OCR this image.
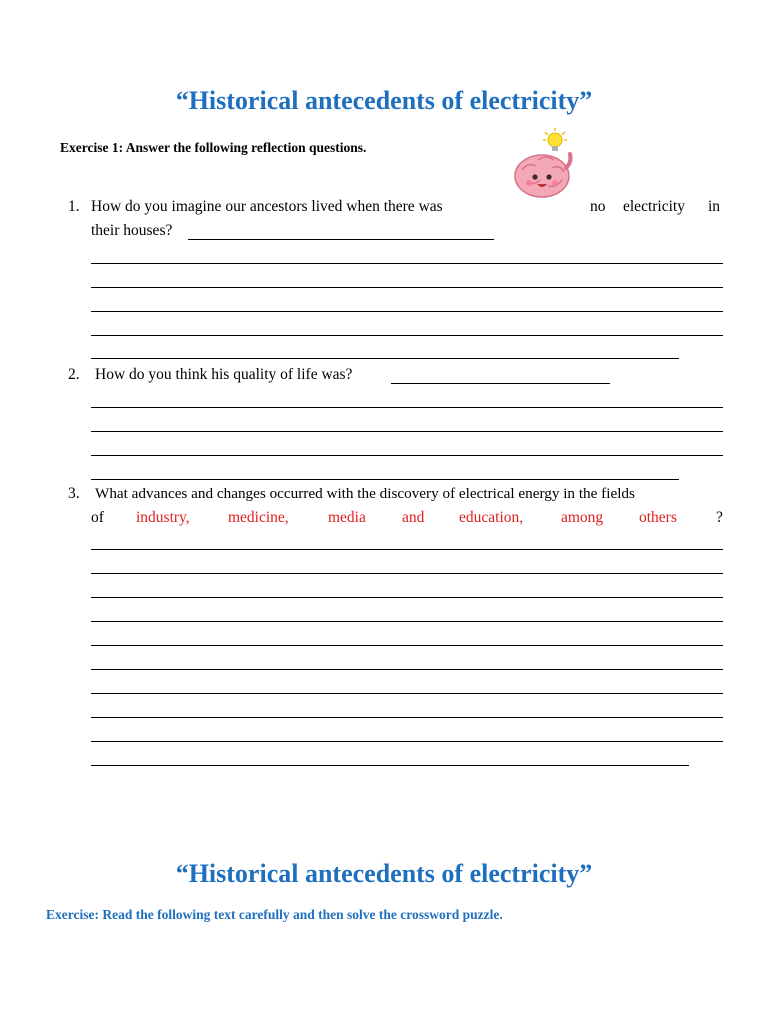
“Historical antecedents of electricity”
Exercise 1: Answer the following reflection questions.
1. How do you imagine our ancestors lived when there was	no electricity in
their houses?
2. How do you think his quality of life was?
3. What advances and changes occurred with the discovery of electrical energy in the fields
of industry, medicine,	media and education, among others	?
“Historical antecedents of electricity”
Exercise: Read the following text carefully and then solve the crossword puzzle.
